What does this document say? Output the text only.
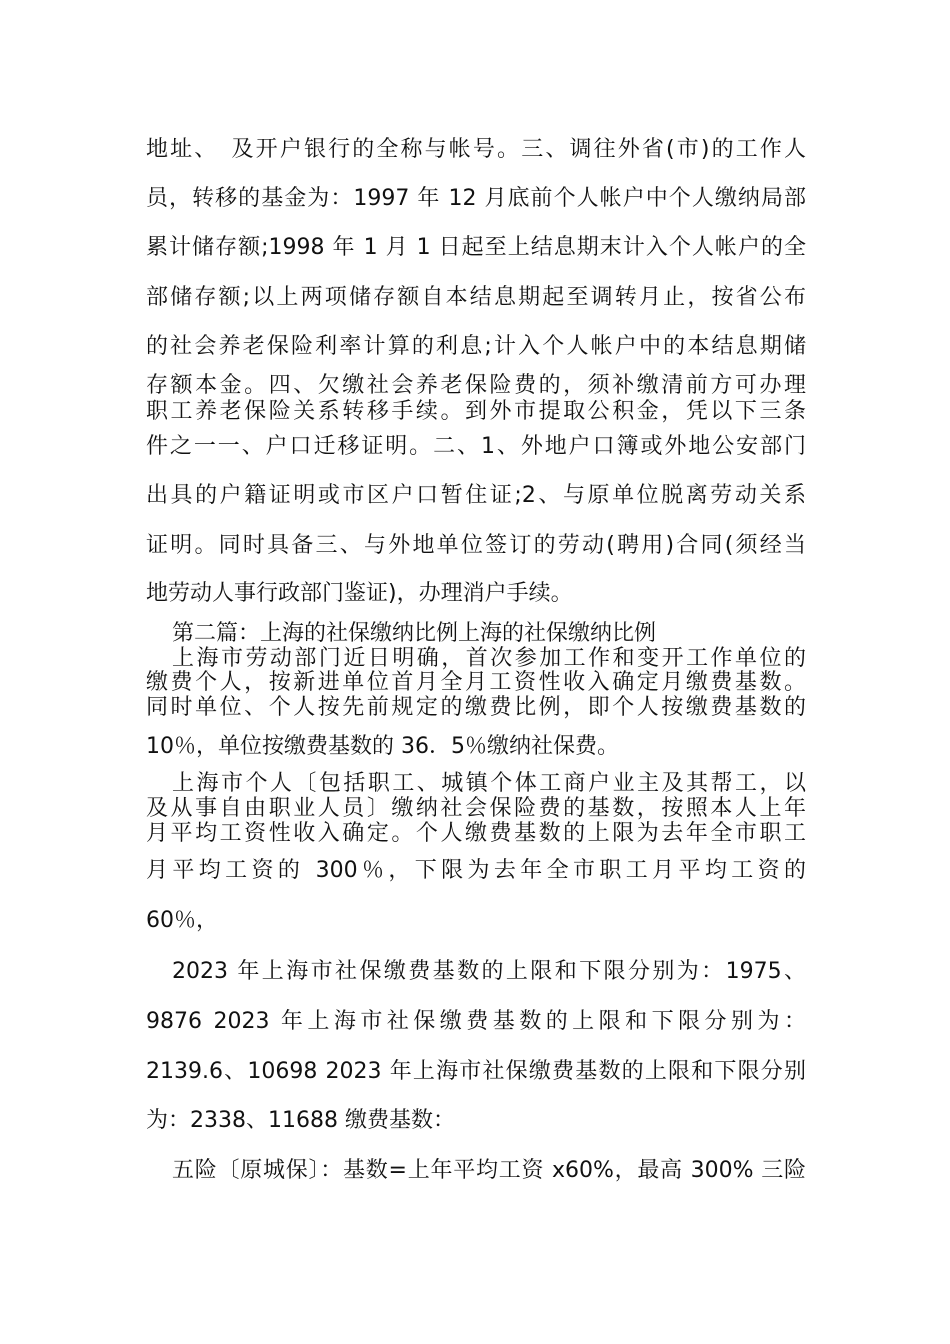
地址、　及开户银行的全称与帐号。三、调往外省(市)的工作人
员，转移的基金为：1997 年 12 月底前个人帐户中个人缴纳局部
累计储存额;1998 年 1 月 1 日起至上结息期末计入个人帐户的全
部储存额;以上两项储存额自本结息期起至调转月止，按省公布
的社会养老保险利率计算的利息;计入个人帐户中的本结息期储
存额本金。四、欠缴社会养老保险费的，须补缴清前方可办理
职工养老保险关系转移手续。到外市提取公积金，凭以下三条
件之一一、户口迁移证明。二、1、外地户口簿或外地公安部门
出具的户籍证明或市区户口暂住证;2、与原单位脱离劳动关系
证明。同时具备三、与外地单位签订的劳动(聘用)合同(须经当
地劳动人事行政部门鉴证)，办理消户手续。
第二篇：上海的社保缴纳比例上海的社保缴纳比例
上海市劳动部门近日明确，首次参加工作和变开工作单位的
缴费个人，按新进单位首月全月工资性收入确定月缴费基数。
同时单位、个人按先前规定的缴费比例，即个人按缴费基数的
10％，单位按缴费基数的 36．5％缴纳社保费。
上海市个人〔包括职工、城镇个体工商户业主及其帮工，以
及从事自由职业人员〕缴纳社会保险费的基数，按照本人上年
月平均工资性收入确定。个人缴费基数的上限为去年全市职工
月平均工资的 300％，下限为去年全市职工月平均工资的
60％，
2023 年上海市社保缴费基数的上限和下限分别为：1975、
9876 2023 年上海市社保缴费基数的上限和下限分别为：
2139.6、10698 2023 年上海市社保缴费基数的上限和下限分别
为：2338、11688 缴费基数：
五险〔原城保〕：基数=上年平均工资 x60%，最高 300% 三险
